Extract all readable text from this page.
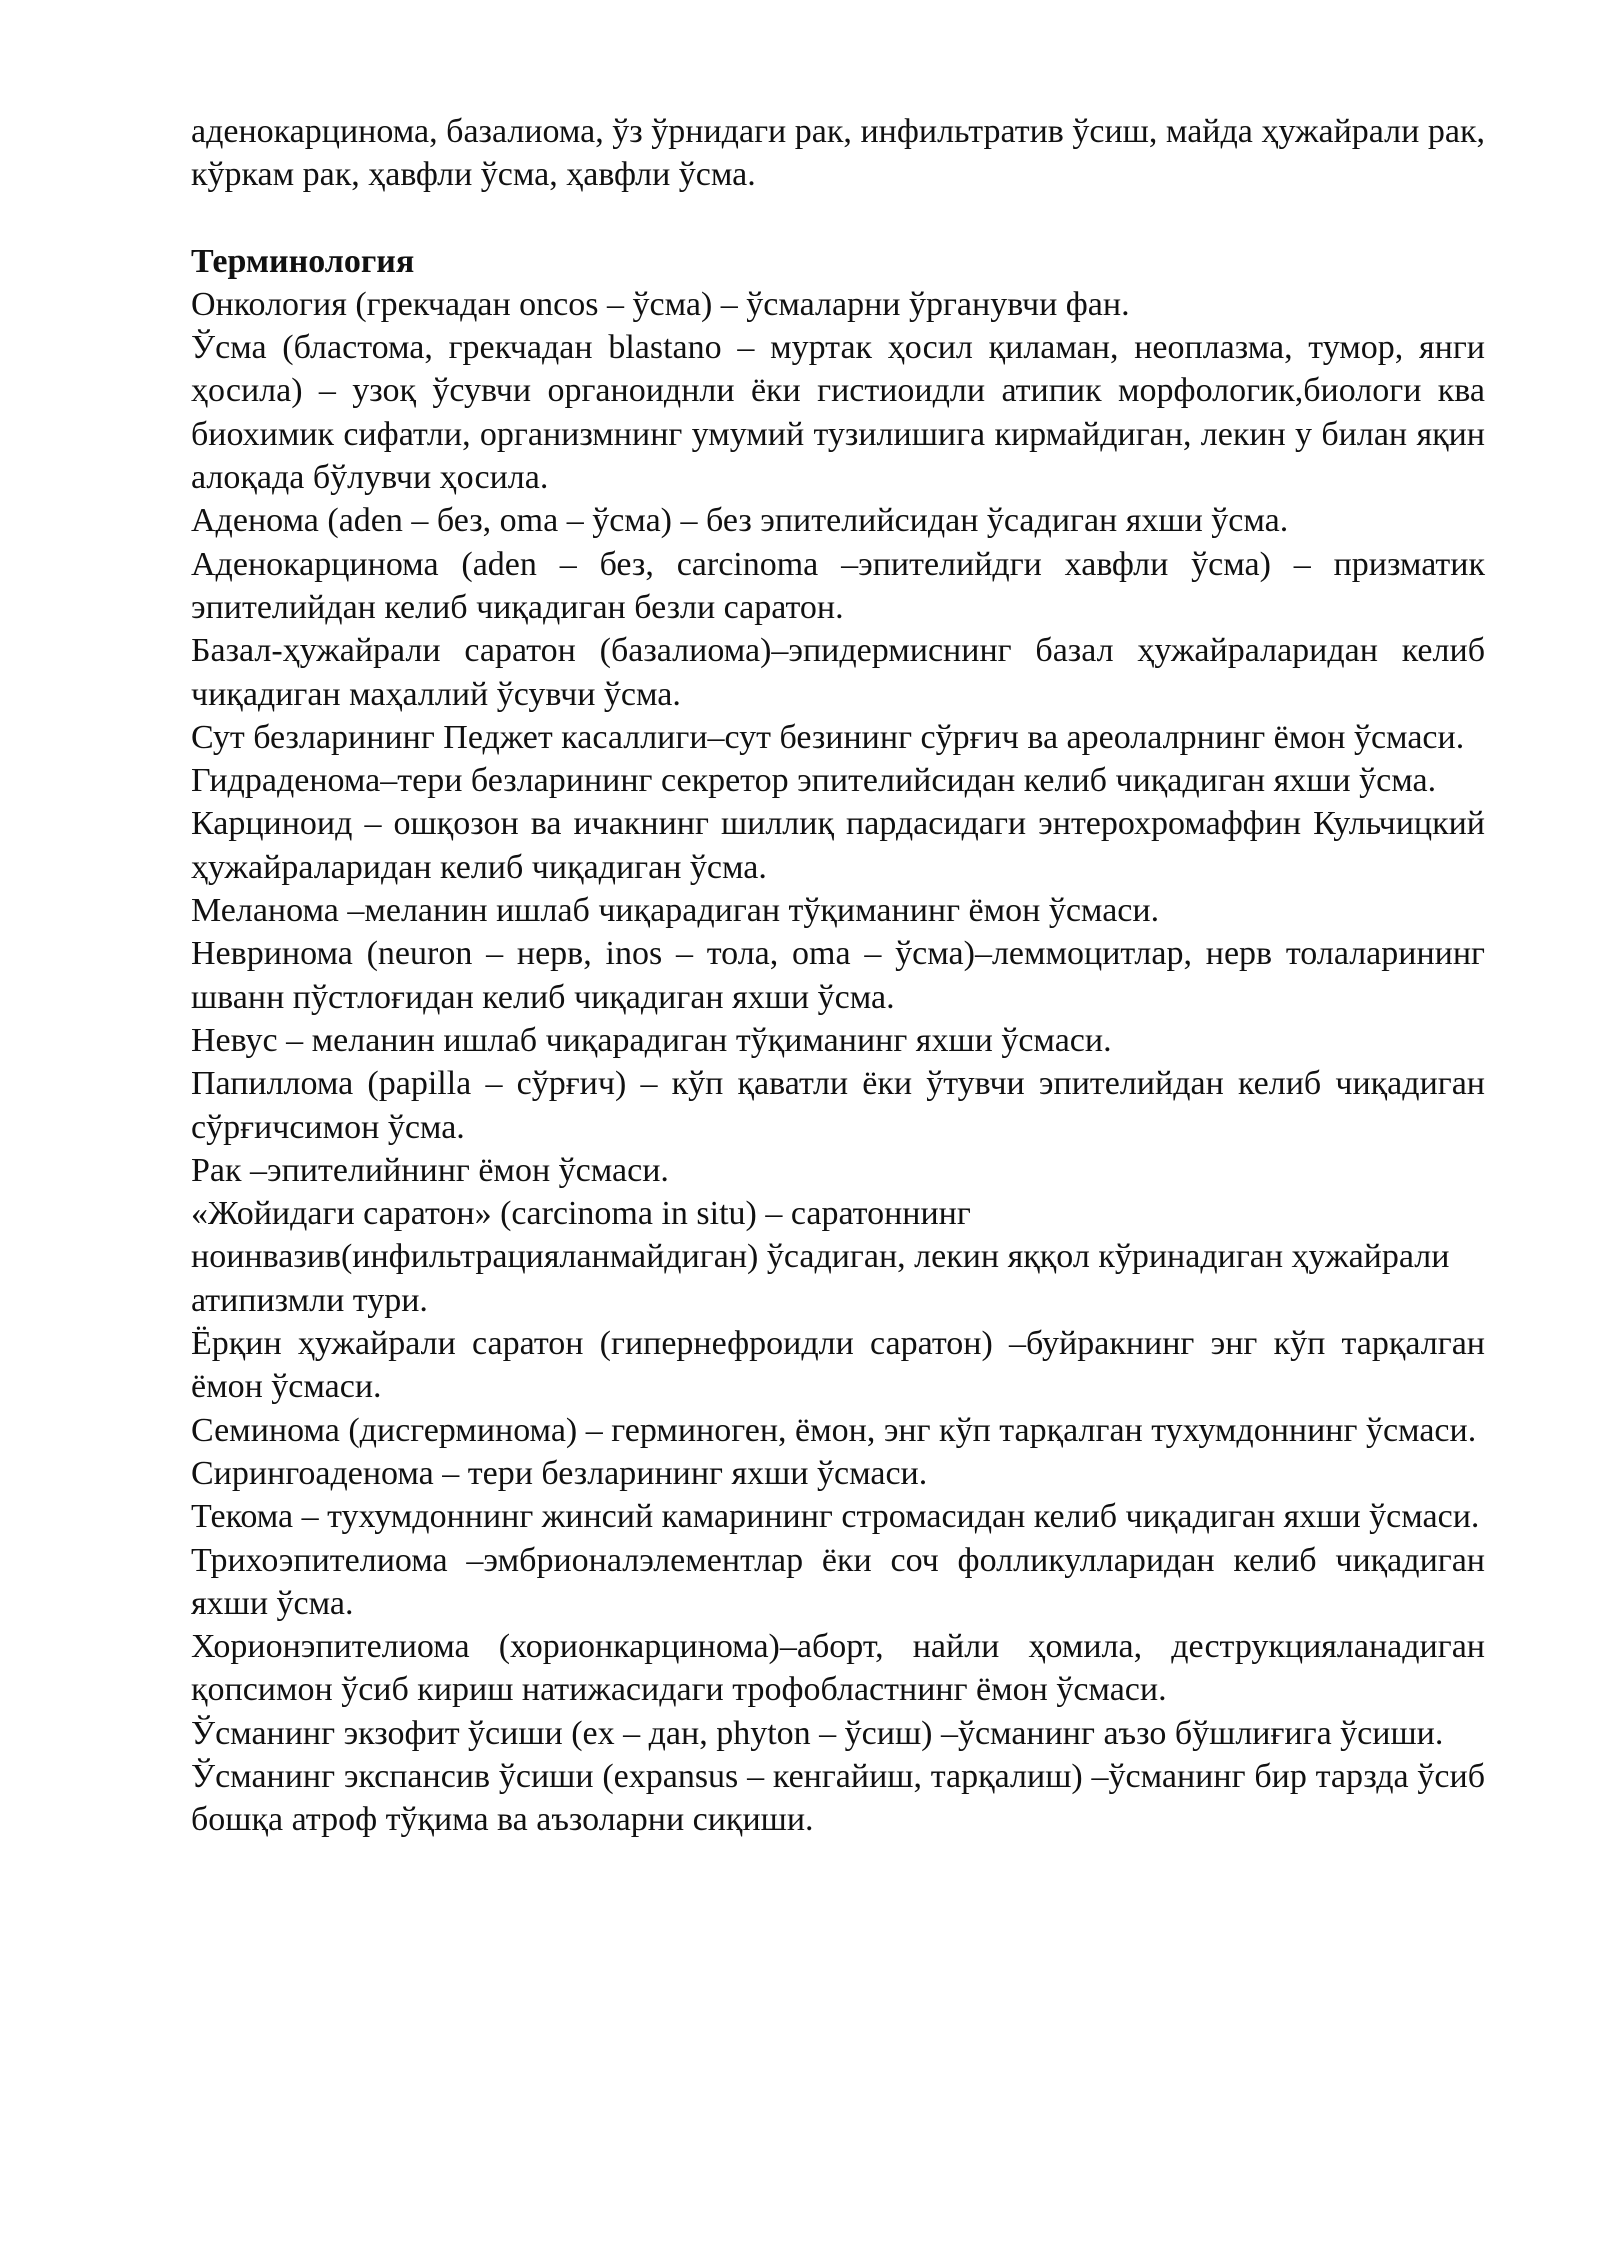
аденокарцинома, базалиома, ўз ўрнидаги рак, инфильтратив ўсиш, майда ҳужайрали рак, кўркам рак, ҳавфли ўсма, ҳавфли ўсма.

Терминология

Онкология (грекчадан oncos – ўсма) – ўсмаларни ўрганувчи фан.

Ўсма (бластома, грекчадан blastano – муртак ҳосил қиламан, неоплазма, тумор, янги ҳосила) – узоқ ўсувчи органоиднли ёки гистиоидли атипик морфологик,биологи ква биохимик сифатли, организмнинг умумий тузилишига кирмайдиган, лекин у билан яқин алоқада бўлувчи ҳосила.

Аденома (aden – без, oma – ўсма) – без эпителийсидан ўсадиган яхши ўсма.

Аденокарцинома (aden – без, carcinoma –эпителийдги хавфли ўсма) – призматик эпителийдан келиб чиқадиган безли саратон.

Базал-ҳужайрали саратон (базалиома)–эпидермиснинг базал ҳужайраларидан келиб чиқадиган маҳаллий ўсувчи ўсма.

Сут безларининг Педжет касаллиги–сут безининг сўрғич ва ареолалрнинг ёмон ўсмаси.

Гидраденома–тери безларининг секретор эпителийсидан келиб чиқадиган яхши ўсма.

Карциноид – ошқозон ва ичакнинг шиллиқ пардасидаги энтерохромаффин Кульчицкий ҳужайраларидан келиб чиқадиган ўсма.

Меланома –меланин ишлаб чиқарадиган тўқиманинг ёмон ўсмаси.

Невринома (neuron – нерв, inos – тола, oma – ўсма)–леммоцитлар, нерв толаларининг шванн пўстлоғидан келиб чиқадиган яхши ўсма.

Невус – меланин ишлаб чиқарадиган тўқиманинг яхши ўсмаси.

Папиллома (papilla – сўрғич) – кўп қаватли ёки ўтувчи эпителийдан келиб чиқадиган сўрғичсимон ўсма.

Рак –эпителийнинг ёмон ўсмаси.

«Жойидаги саратон» (carcinoma in situ) – саратоннинг

ноинвазив(инфильтрацияланмайдиган) ўсадиган, лекин яққол кўринадиган ҳужайрали атипизмли тури.

Ёрқин ҳужайрали саратон (гипернефроидли саратон) –буйракнинг энг кўп тарқалган ёмон ўсмаси.

Семинома (дисгерминома) – герминоген, ёмон, энг кўп тарқалган тухумдоннинг ўсмаси.

Сирингоаденома – тери безларининг яхши ўсмаси.

Текома – тухумдоннинг жинсий камарининг стромасидан келиб чиқадиган яхши ўсмаси.

Трихоэпителиома –эмбрионалэлементлар ёки соч фолликулларидан келиб чиқадиган яхши ўсма.

Хорионэпителиома (хорионкарцинома)–аборт, найли ҳомила, деструкцияланадиган қопсимон ўсиб кириш натижасидаги трофобластнинг ёмон ўсмаси.

Ўсманинг экзофит ўсиши (ex – дан, phyton – ўсиш) –ўсманинг аъзо бўшлиғига ўсиши.

Ўсманинг экспансив ўсиши (expansus – кенгайиш, тарқалиш) –ўсманинг бир тарзда ўсиб бошқа атроф тўқима ва аъзоларни сиқиши.
